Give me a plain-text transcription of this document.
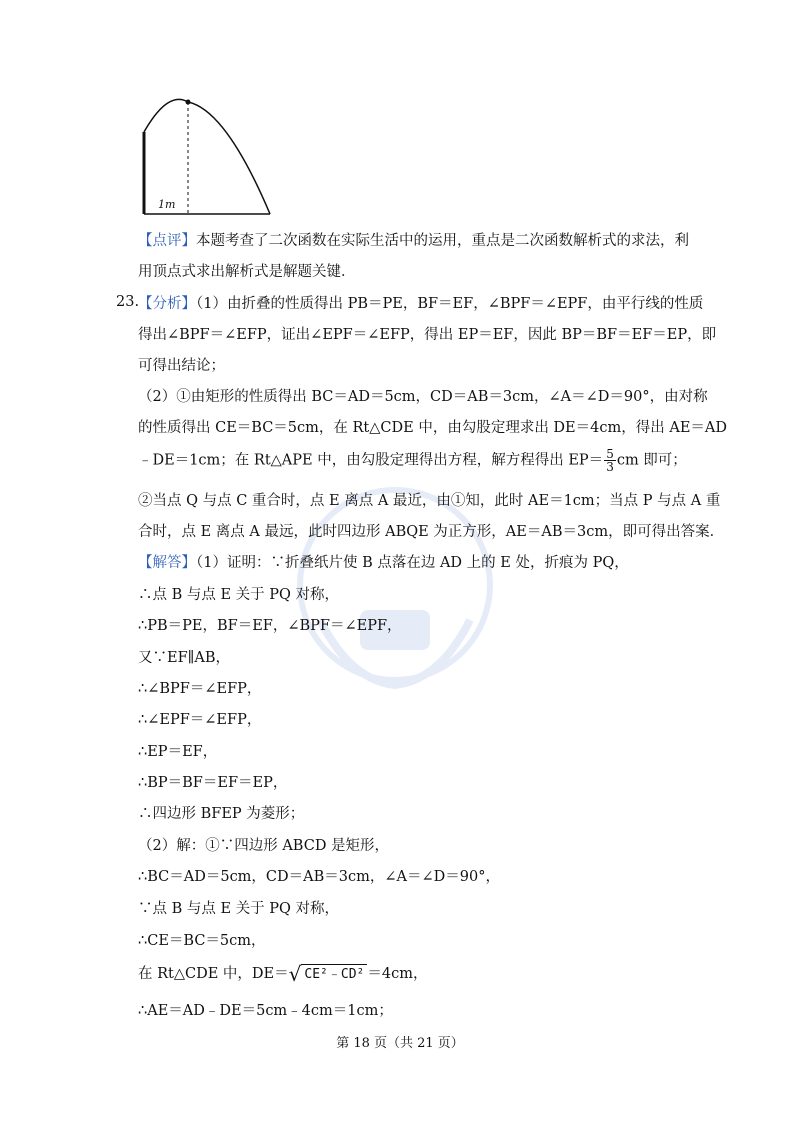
1m
【点评】本题考查了二次函数在实际生活中的运用，重点是二次函数解析式的求法，利
用顶点式求出解析式是解题关键．
23.
【分析】（1）由折叠的性质得出 PB＝PE，BF＝EF，∠BPF＝∠EPF，由平行线的性质
得出∠BPF＝∠EFP，证出∠EPF＝∠EFP，得出 EP＝EF，因此 BP＝BF＝EF＝EP，即
可得出结论；
（2）①由矩形的性质得出 BC＝AD＝5cm，CD＝AB＝3cm，∠A＝∠D＝90°，由对称
的性质得出 CE＝BC＝5cm，在 Rt△CDE 中，由勾股定理求出 DE＝4cm，得出 AE＝AD
﹣DE＝1cm；在 Rt△APE 中，由勾股定理得出方程，解方程得出 $EP= \frac{5}{3}$ cm 即可；
②当点 Q 与点 C 重合时，点 E 离点 A 最近，由①知，此时 AE＝1cm；当点 P 与点 A 重
合时，点 E 离点 A 最远，此时四边形 ABQE 为正方形，AE＝AB＝3cm，即可得出答案．
【解答】（1）证明：∵折叠纸片使 B 点落在边 AD 上的 E 处，折痕为 PQ，
∴点 B 与点 E 关于 PQ 对称，
∴PB＝PE，BF＝EF，∠BPF＝∠EPF，
又∵EF∥AB，
∴∠BPF＝∠EFP，
∴∠EPF＝∠EFP，
∴EP＝EF，
∴BP＝BF＝EF＝EP，
∴四边形 BFEP 为菱形；
（2）解：①∵四边形 ABCD 是矩形，
∴BC＝AD＝5cm，CD＝AB＝3cm，∠A＝∠D＝90°，
∵点 B 与点 E 关于 PQ 对称，
∴CE＝BC＝5cm，
在 Rt△CDE 中，DE＝√ CE²﹣CD² ＝4cm，
∴AE＝AD﹣DE＝5cm﹣4cm＝1cm；
第 18 页（共 21 页）
